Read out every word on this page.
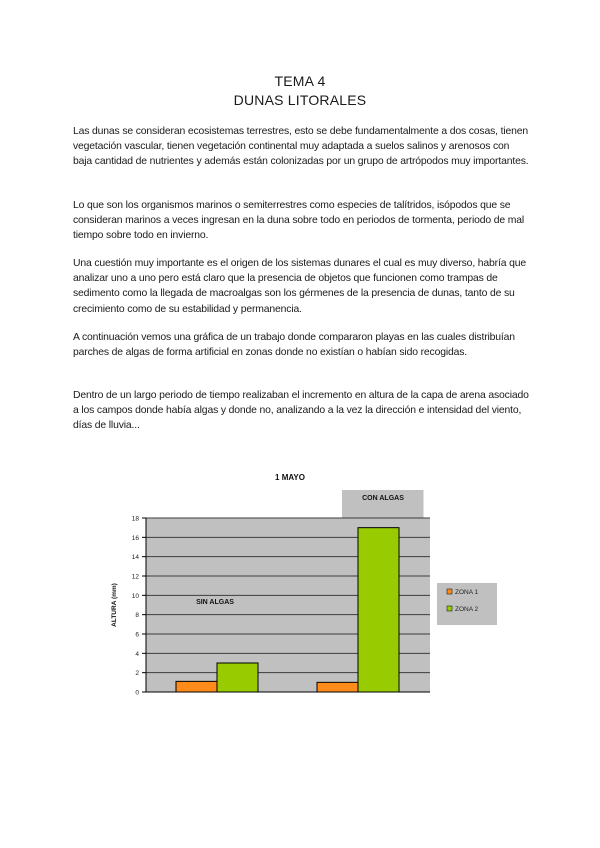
TEMA 4
DUNAS LITORALES
Las dunas se consideran ecosistemas terrestres, esto se debe fundamentalmente a dos cosas, tienen vegetación vascular, tienen vegetación continental muy adaptada a suelos salinos y arenosos con baja cantidad de nutrientes y además están colonizadas por un grupo de artrópodos muy importantes.
Lo que son los organismos marinos o semiterrestres como especies de talítridos, isópodos que se consideran marinos a veces ingresan en la duna sobre todo en periodos de tormenta, periodo de mal tiempo sobre todo en invierno.
Una cuestión muy importante es el origen de los sistemas dunares el cual es muy diverso, habría que analizar uno a uno pero está claro que la presencia de objetos que funcionen como trampas de sedimento como la llegada de macroalgas son los gérmenes de la presencia de dunas, tanto de su crecimiento como de su estabilidad y permanencia.
A continuación vemos una gráfica de un trabajo donde compararon playas en las cuales distribuían parches de algas de forma artificial en zonas donde no existían o habían sido recogidas.
Dentro de un largo periodo de tiempo realizaban el incremento en altura de la capa de arena asociado a los campos donde había algas y donde no, analizando a la vez la dirección e intensidad del viento, días de lluvia...
0
2
4
6
8
10
12
14
16
18
1 MAYO
ALTURA (mm)	SIN ALGAS
CON ALGAS
ZONA 1
ZONA 2
